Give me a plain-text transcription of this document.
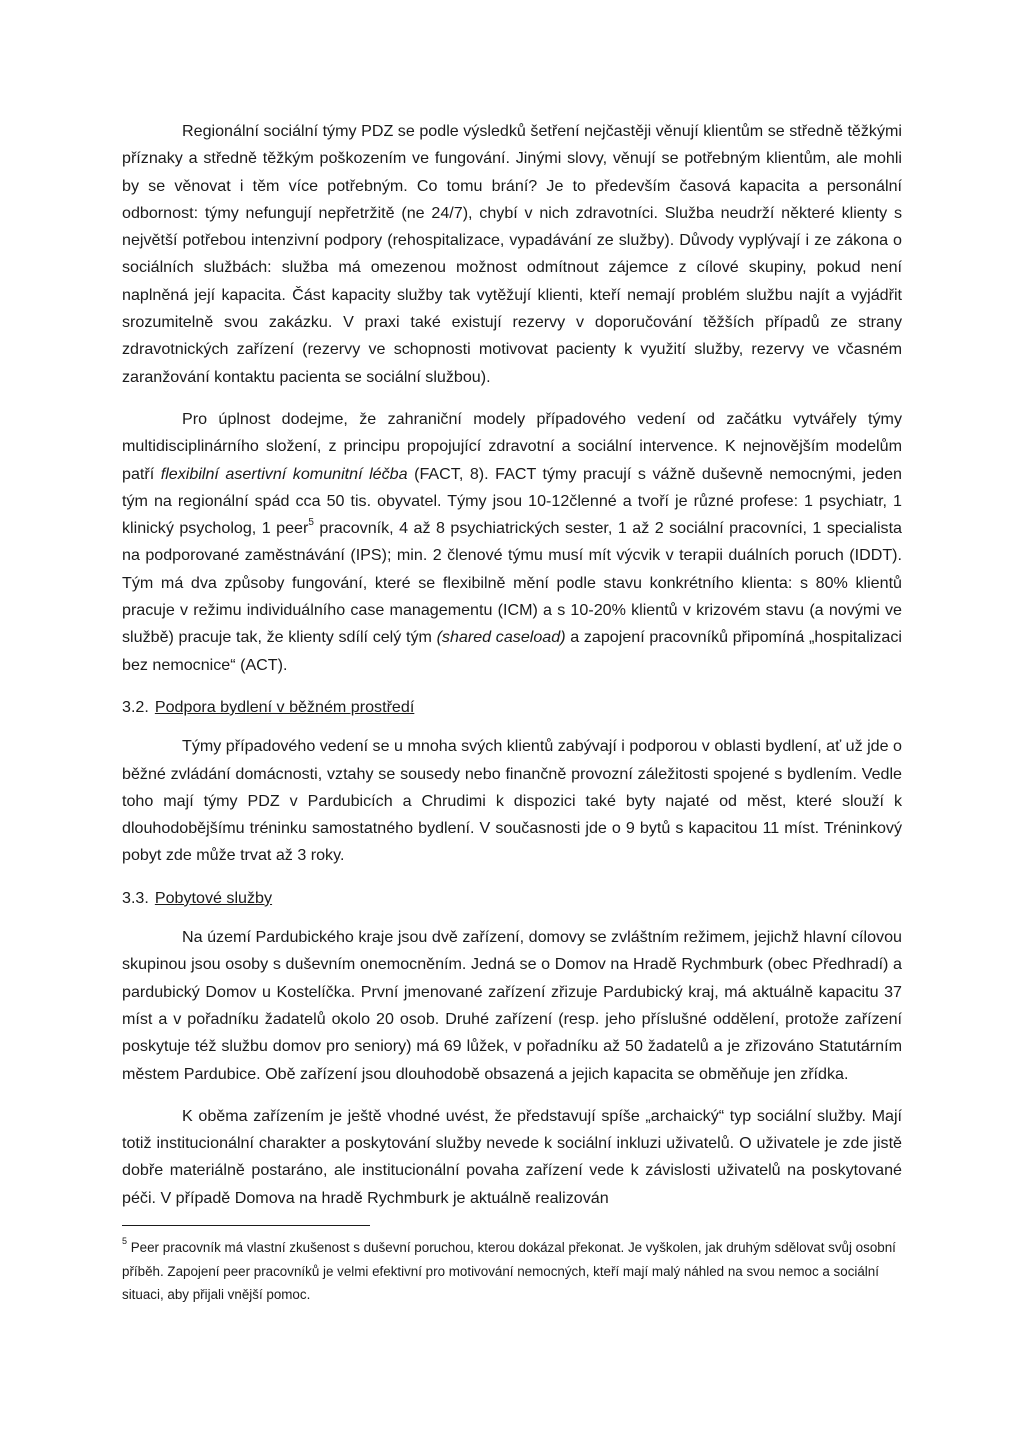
Regionální sociální týmy PDZ se podle výsledků šetření nejčastěji věnují klientům se středně těžkými příznaky a středně těžkým poškozením ve fungování. Jinými slovy, věnují se potřebným klientům, ale mohli by se věnovat i těm více potřebným. Co tomu brání? Je to především časová kapacita a personální odbornost: týmy nefungují nepřetržitě (ne 24/7), chybí v nich zdravotníci. Služba neudrží některé klienty s největší potřebou intenzivní podpory (rehospitalizace, vypadávání ze služby). Důvody vyplývají i ze zákona o sociálních službách: služba má omezenou možnost odmítnout zájemce z cílové skupiny, pokud není naplněná její kapacita. Část kapacity služby tak vytěžují klienti, kteří nemají problém službu najít a vyjádřit srozumitelně svou zakázku. V praxi také existují rezervy v doporučování těžších případů ze strany zdravotnických zařízení (rezervy ve schopnosti motivovat pacienty k využití služby, rezervy ve včasném zaranžování kontaktu pacienta se sociální službou).

Pro úplnost dodejme, že zahraniční modely případového vedení od začátku vytvářely týmy multidisciplinárního složení, z principu propojující zdravotní a sociální intervence. K nejnovějším modelům patří flexibilní asertivní komunitní léčba (FACT, 8). FACT týmy pracují s vážně duševně nemocnými, jeden tým na regionální spád cca 50 tis. obyvatel. Týmy jsou 10-12členné a tvoří je různé profese: 1 psychiatr, 1 klinický psycholog, 1 peer$^5$ pracovník, 4 až 8 psychiatrických sester, 1 až 2 sociální pracovníci, 1 specialista na podporované zaměstnávání (IPS); min. 2 členové týmu musí mít výcvik v terapii duálních poruch (IDDT). Tým má dva způsoby fungování, které se flexibilně mění podle stavu konkrétního klienta: s 80% klientů pracuje v režimu individuálního case managementu (ICM) a s 10-20% klientů v krizovém stavu (a novými ve službě) pracuje tak, že klienty sdílí celý tým (shared caseload) a zapojení pracovníků připomíná „hospitalizaci bez nemocnice“ (ACT).

3.2. Podpora bydlení v běžném prostředí

Týmy případového vedení se u mnoha svých klientů zabývají i podporou v oblasti bydlení, ať už jde o běžné zvládání domácnosti, vztahy se sousedy nebo finančně provozní záležitosti spojené s bydlením. Vedle toho mají týmy PDZ v Pardubicích a Chrudimi k dispozici také byty najaté od měst, které slouží k dlouhodobějšímu tréninku samostatného bydlení. V současnosti jde o 9 bytů s kapacitou 11 míst. Tréninkový pobyt zde může trvat až 3 roky.

3.3. Pobytové služby

Na území Pardubického kraje jsou dvě zařízení, domovy se zvláštním režimem, jejichž hlavní cílovou skupinou jsou osoby s duševním onemocněním. Jedná se o Domov na Hradě Rychmburk (obec Předhradí) a pardubický Domov u Kostelíčka. První jmenované zařízení zřizuje Pardubický kraj, má aktuálně kapacitu 37 míst a v pořadníku žadatelů okolo 20 osob. Druhé zařízení (resp. jeho příslušné oddělení, protože zařízení poskytuje též službu domov pro seniory) má 69 lůžek, v pořadníku až 50 žadatelů a je zřizováno Statutárním městem Pardubice. Obě zařízení jsou dlouhodobě obsazená a jejich kapacita se obměňuje jen zřídka.

K oběma zařízením je ještě vhodné uvést, že představují spíše „archaický“ typ sociální služby. Mají totiž institucionální charakter a poskytování služby nevede k sociální inkluzi uživatelů. O uživatele je zde jistě dobře materiálně postaráno, ale institucionální povaha zařízení vede k závislosti uživatelů na poskytované péči. V případě Domova na hradě Rychmburk je aktuálně realizován

$^5$ Peer pracovník má vlastní zkušenost s duševní poruchou, kterou dokázal překonat. Je vyškolen, jak druhým sdělovat svůj osobní příběh. Zapojení peer pracovníků je velmi efektivní pro motivování nemocných, kteří mají malý náhled na svou nemoc a sociální situaci, aby přijali vnější pomoc.
